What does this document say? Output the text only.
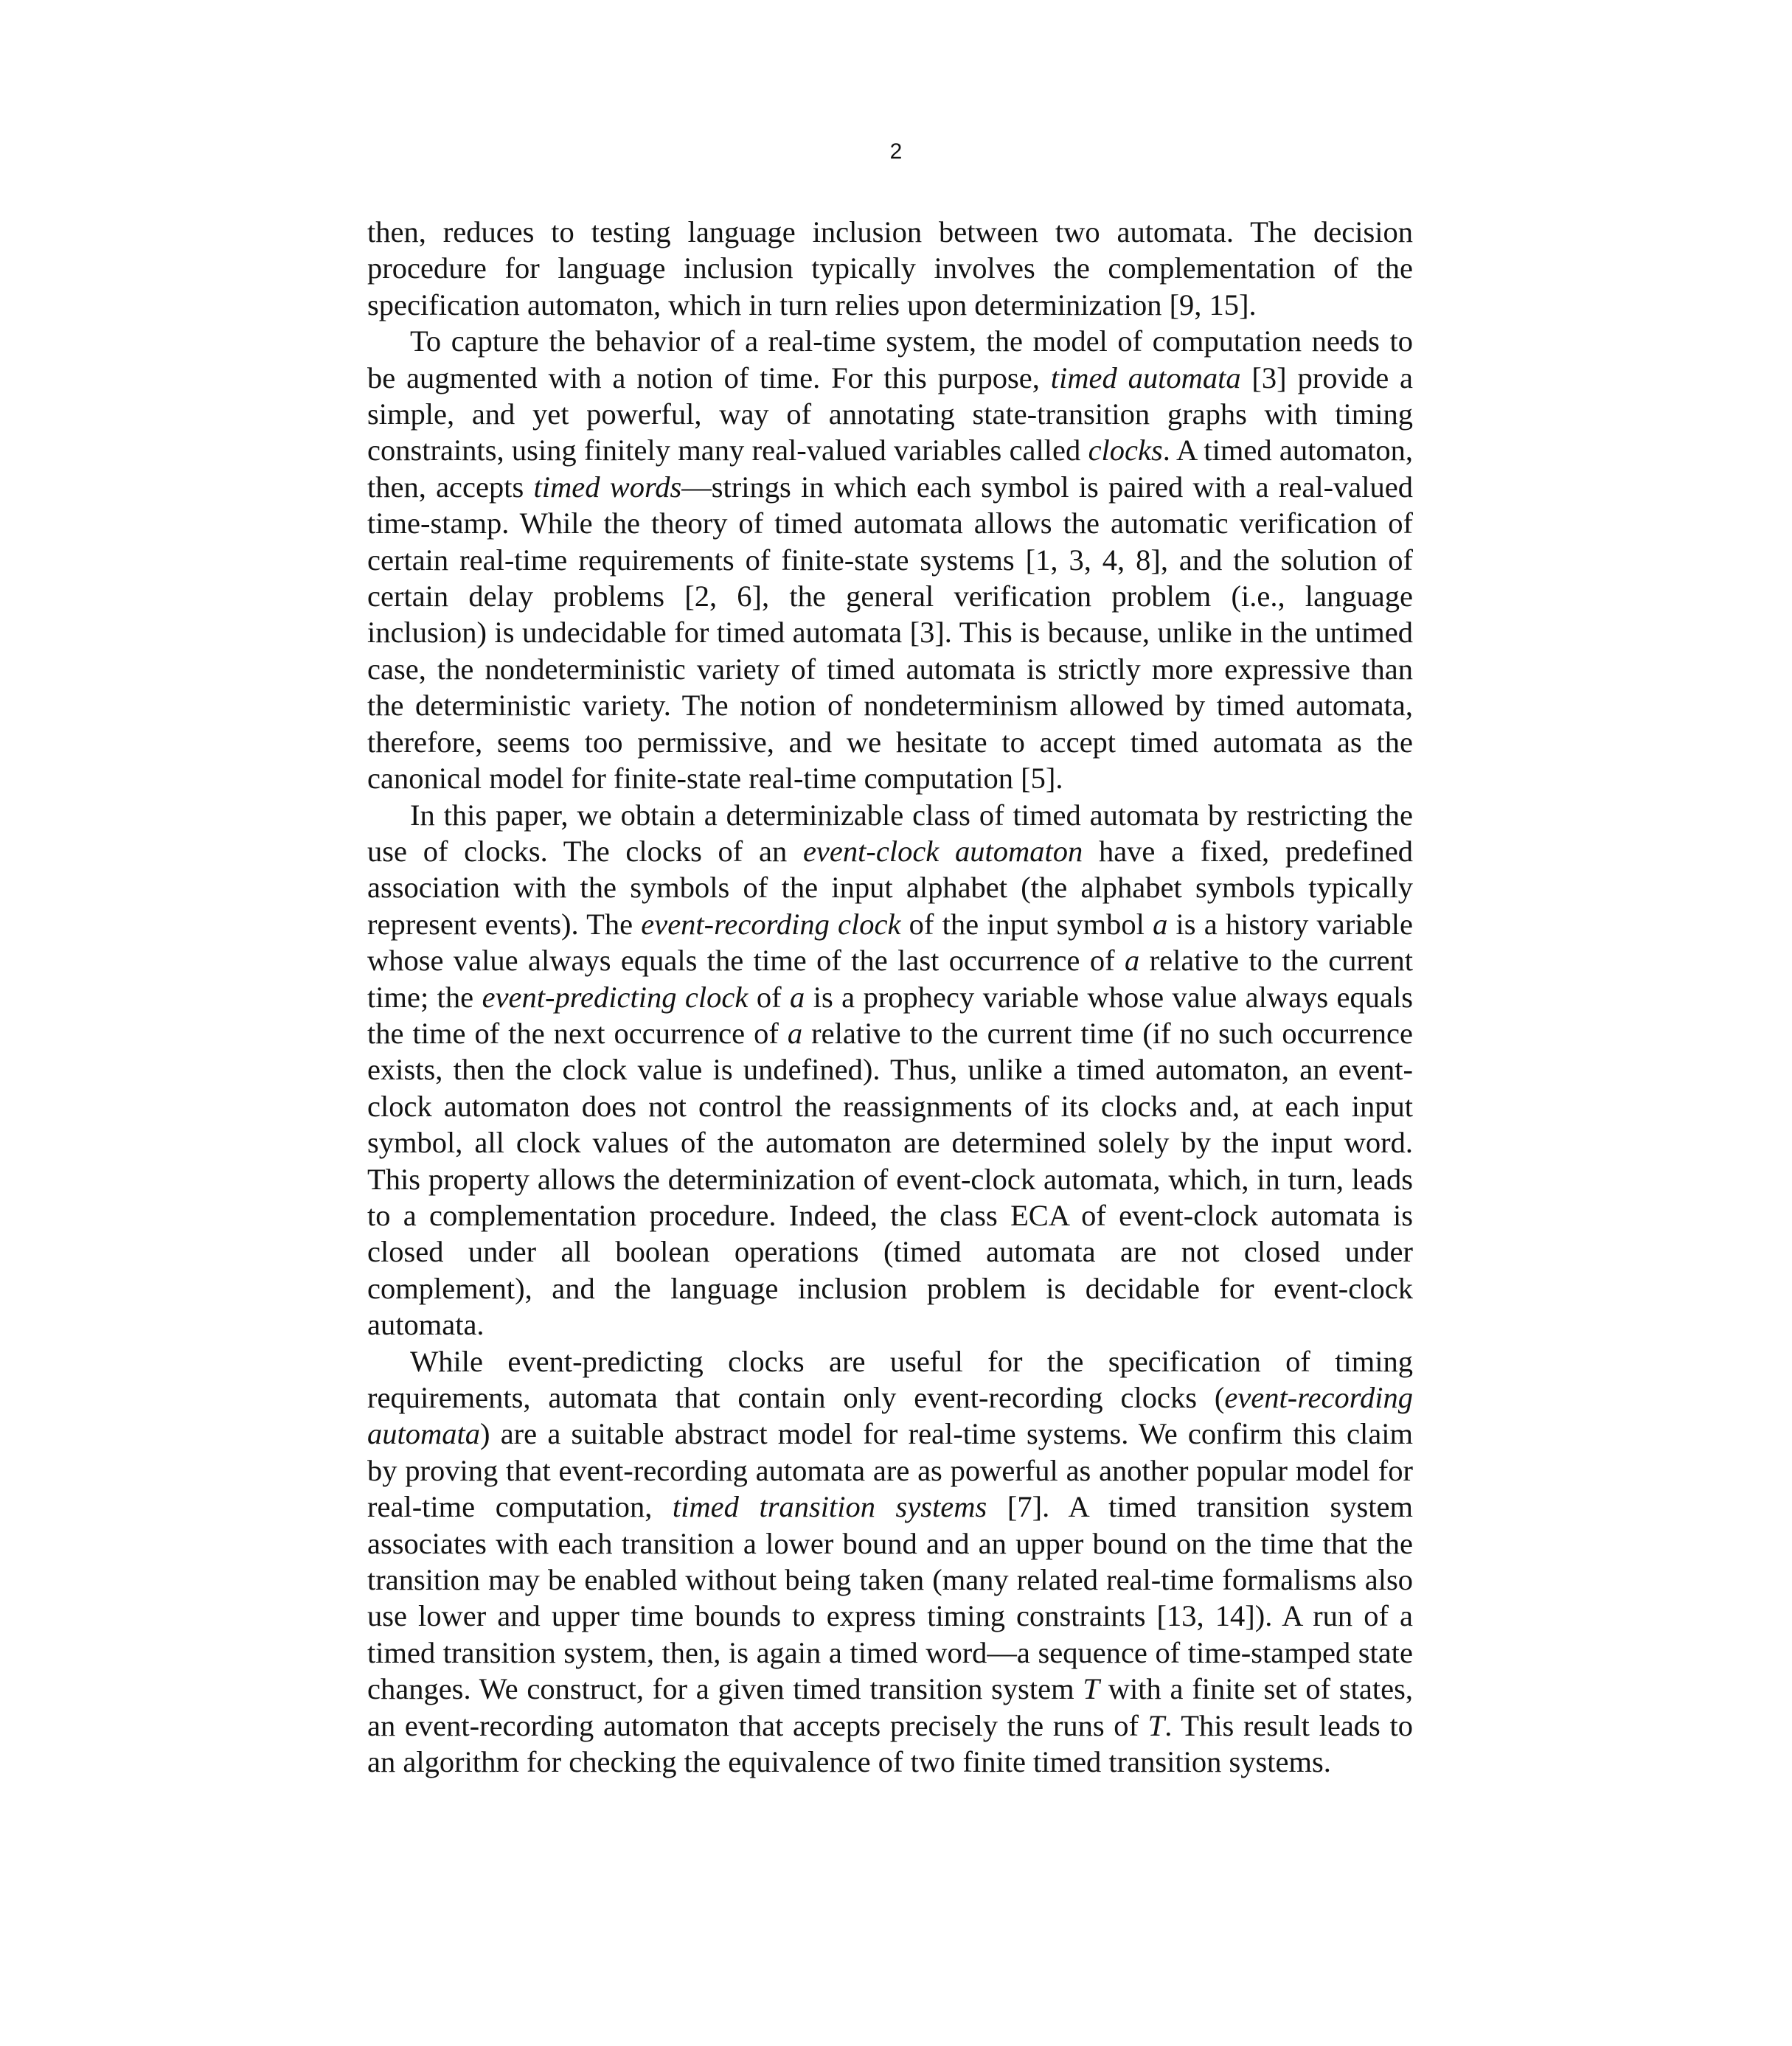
2

then, reduces to testing language inclusion between two automata. The decision procedure for language inclusion typically involves the complementation of the specification automaton, which in turn relies upon determinization [9, 15].

To capture the behavior of a real-time system, the model of computation needs to be augmented with a notion of time. For this purpose, timed automata [3] provide a simple, and yet powerful, way of annotating state-transition graphs with timing constraints, using finitely many real-valued variables called clocks. A timed automaton, then, accepts timed words—strings in which each symbol is paired with a real-valued time-stamp. While the theory of timed automata allows the automatic verification of certain real-time requirements of finite-state systems [1, 3, 4, 8], and the solution of certain delay problems [2, 6], the general verification problem (i.e., language inclusion) is undecidable for timed automata [3]. This is because, unlike in the untimed case, the nondeterministic variety of timed automata is strictly more expressive than the deterministic variety. The notion of nondeterminism allowed by timed automata, therefore, seems too permissive, and we hesitate to accept timed automata as the canonical model for finite-state real-time computation [5].

In this paper, we obtain a determinizable class of timed automata by restricting the use of clocks. The clocks of an event-clock automaton have a fixed, predefined association with the symbols of the input alphabet (the alphabet symbols typically represent events). The event-recording clock of the input symbol a is a history variable whose value always equals the time of the last occurrence of a relative to the current time; the event-predicting clock of a is a prophecy variable whose value always equals the time of the next occurrence of a relative to the current time (if no such occurrence exists, then the clock value is undefined). Thus, unlike a timed automaton, an event-clock automaton does not control the reassignments of its clocks and, at each input symbol, all clock values of the automaton are determined solely by the input word. This property allows the determinization of event-clock automata, which, in turn, leads to a complementation procedure. Indeed, the class ECA of event-clock automata is closed under all boolean operations (timed automata are not closed under complement), and the language inclusion problem is decidable for event-clock automata.

While event-predicting clocks are useful for the specification of timing requirements, automata that contain only event-recording clocks (event-recording automata) are a suitable abstract model for real-time systems. We confirm this claim by proving that event-recording automata are as powerful as another popular model for real-time computation, timed transition systems [7]. A timed transition system associates with each transition a lower bound and an upper bound on the time that the transition may be enabled without being taken (many related real-time formalisms also use lower and upper time bounds to express timing constraints [13, 14]). A run of a timed transition system, then, is again a timed word—a sequence of time-stamped state changes. We construct, for a given timed transition system T with a finite set of states, an event-recording automaton that accepts precisely the runs of T. This result leads to an algorithm for checking the equivalence of two finite timed transition systems.
